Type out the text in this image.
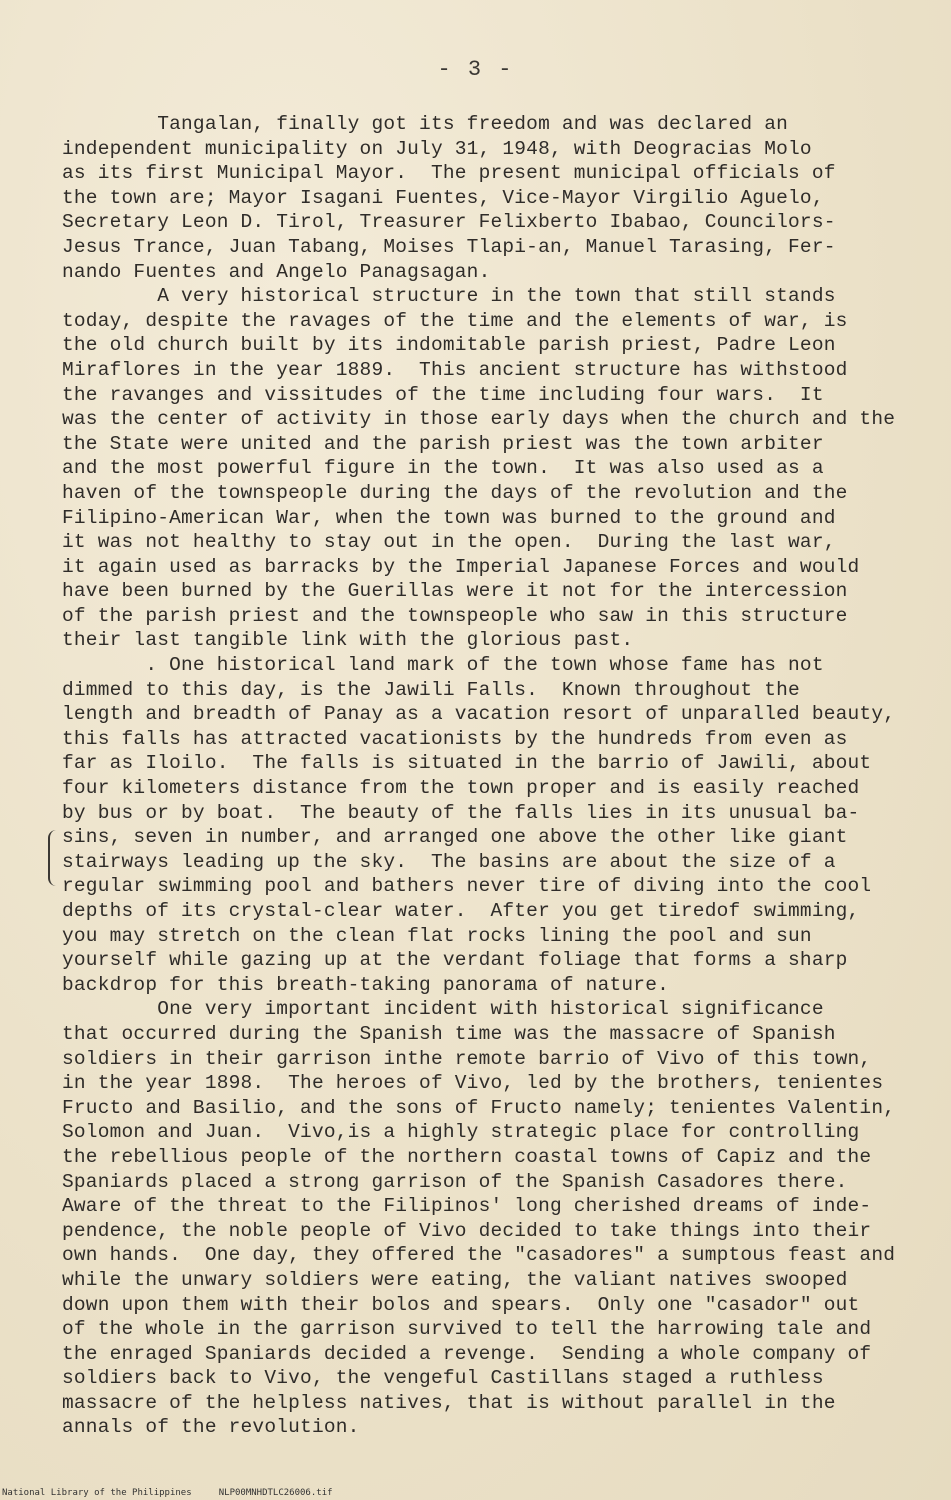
- 3 -
Tangalan, finally got its freedom and was declared an
independent municipality on July 31, 1948, with Deogracias Molo
as its first Municipal Mayor.  The present municipal officials of
the town are; Mayor Isagani Fuentes, Vice-Mayor Virgilio Aguelo,
Secretary Leon D. Tirol, Treasurer Felixberto Ibabao, Councilors-
Jesus Trance, Juan Tabang, Moises Tlapi-an, Manuel Tarasing, Fer-
nando Fuentes and Angelo Panagsagan.
A very historical structure in the town that still stands
today, despite the ravages of the time and the elements of war, is
the old church built by its indomitable parish priest, Padre Leon
Miraflores in the year 1889.  This ancient structure has withstood
the ravanges and vissitudes of the time including four wars.  It
was the center of activity in those early days when the church and the
the State were united and the parish priest was the town arbiter
and the most powerful figure in the town.  It was also used as a
haven of the townspeople during the days of the revolution and the
Filipino-American War, when the town was burned to the ground and
it was not healthy to stay out in the open.  During the last war,
it again used as barracks by the Imperial Japanese Forces and would
have been burned by the Guerillas were it not for the intercession
of the parish priest and the townspeople who saw in this structure
their last tangible link with the glorious past.
. One historical land mark of the town whose fame has not
dimmed to this day, is the Jawili Falls.  Known throughout the
length and breadth of Panay as a vacation resort of unparalled beauty,
this falls has attracted vacationists by the hundreds from even as
far as Iloilo.  The falls is situated in the barrio of Jawili, about
four kilometers distance from the town proper and is easily reached
by bus or by boat.  The beauty of the falls lies in its unusual ba-
sins, seven in number, and arranged one above the other like giant
stairways leading up the sky.  The basins are about the size of a
regular swimming pool and bathers never tire of diving into the cool
depths of its crystal-clear water.  After you get tiredof swimming,
you may stretch on the clean flat rocks lining the pool and sun
yourself while gazing up at the verdant foliage that forms a sharp
backdrop for this breath-taking panorama of nature.
One very important incident with historical significance
that occurred during the Spanish time was the massacre of Spanish
soldiers in their garrison inthe remote barrio of Vivo of this town,
in the year 1898.  The heroes of Vivo, led by the brothers, tenientes
Fructo and Basilio, and the sons of Fructo namely; tenientes Valentin,
Solomon and Juan.  Vivo,is a highly strategic place for controlling
the rebellious people of the northern coastal towns of Capiz and the
Spaniards placed a strong garrison of the Spanish Casadores there.
Aware of the threat to the Filipinos' long cherished dreams of inde-
pendence, the noble people of Vivo decided to take things into their
own hands.  One day, they offered the "casadores" a sumptous feast and
while the unwary soldiers were eating, the valiant natives swooped
down upon them with their bolos and spears.  Only one "casador" out
of the whole in the garrison survived to tell the harrowing tale and
the enraged Spaniards decided a revenge.  Sending a whole company of
soldiers back to Vivo, the vengeful Castillans staged a ruthless
massacre of the helpless natives, that is without parallel in the
annals of the revolution.
National Library of the Philippines     NLP00MNHDTLC26006.tif
